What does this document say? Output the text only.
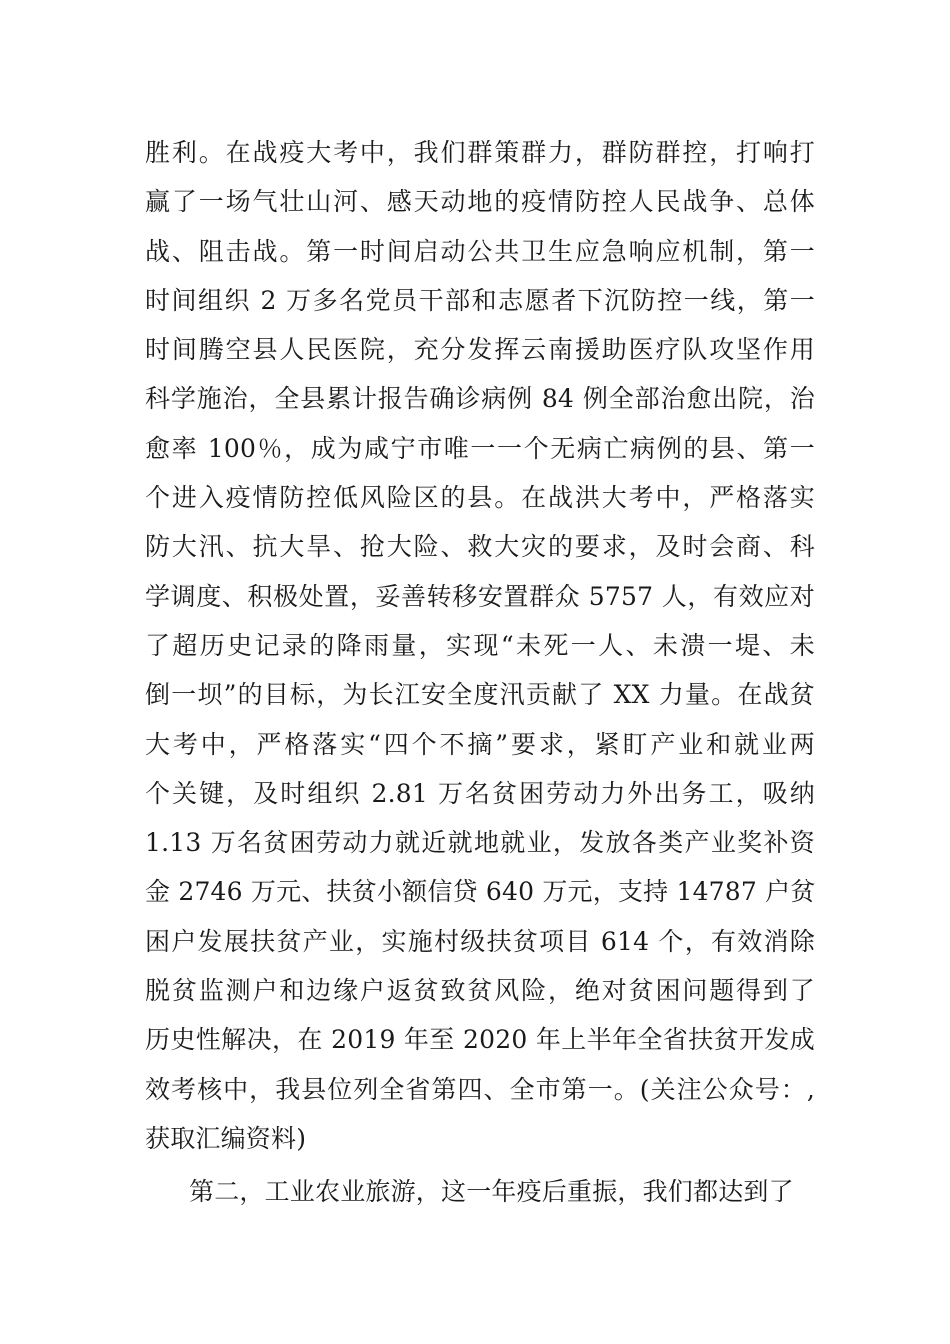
胜利。在战疫大考中，我们群策群力，群防群控，打响打
赢了一场气壮山河、感天动地的疫情防控人民战争、总体
战、阻击战。第一时间启动公共卫生应急响应机制，第一
时间组织 2 万多名党员干部和志愿者下沉防控一线，第一
时间腾空县人民医院，充分发挥云南援助医疗队攻坚作用
科学施治，全县累计报告确诊病例 84 例全部治愈出院，治
愈率 100％，成为咸宁市唯一一个无病亡病例的县、第一
个进入疫情防控低风险区的县。在战洪大考中，严格落实
防大汛、抗大旱、抢大险、救大灾的要求，及时会商、科
学调度、积极处置，妥善转移安置群众 5757 人，有效应对
了超历史记录的降雨量，实现“未死一人、未溃一堤、未
倒一坝”的目标，为长江安全度汛贡献了 XX 力量。在战贫
大考中，严格落实“四个不摘”要求，紧盯产业和就业两
个关键，及时组织 2.81 万名贫困劳动力外出务工，吸纳
1.13 万名贫困劳动力就近就地就业，发放各类产业奖补资
金 2746 万元、扶贫小额信贷 640 万元，支持 14787 户贫
困户发展扶贫产业，实施村级扶贫项目 614 个，有效消除
脱贫监测户和边缘户返贫致贫风险，绝对贫困问题得到了
历史性解决，在 2019 年至 2020 年上半年全省扶贫开发成
效考核中，我县位列全省第四、全市第一。(关注公众号：,
获取汇编资料)
第二，工业农业旅游，这一年疫后重振，我们都达到了
